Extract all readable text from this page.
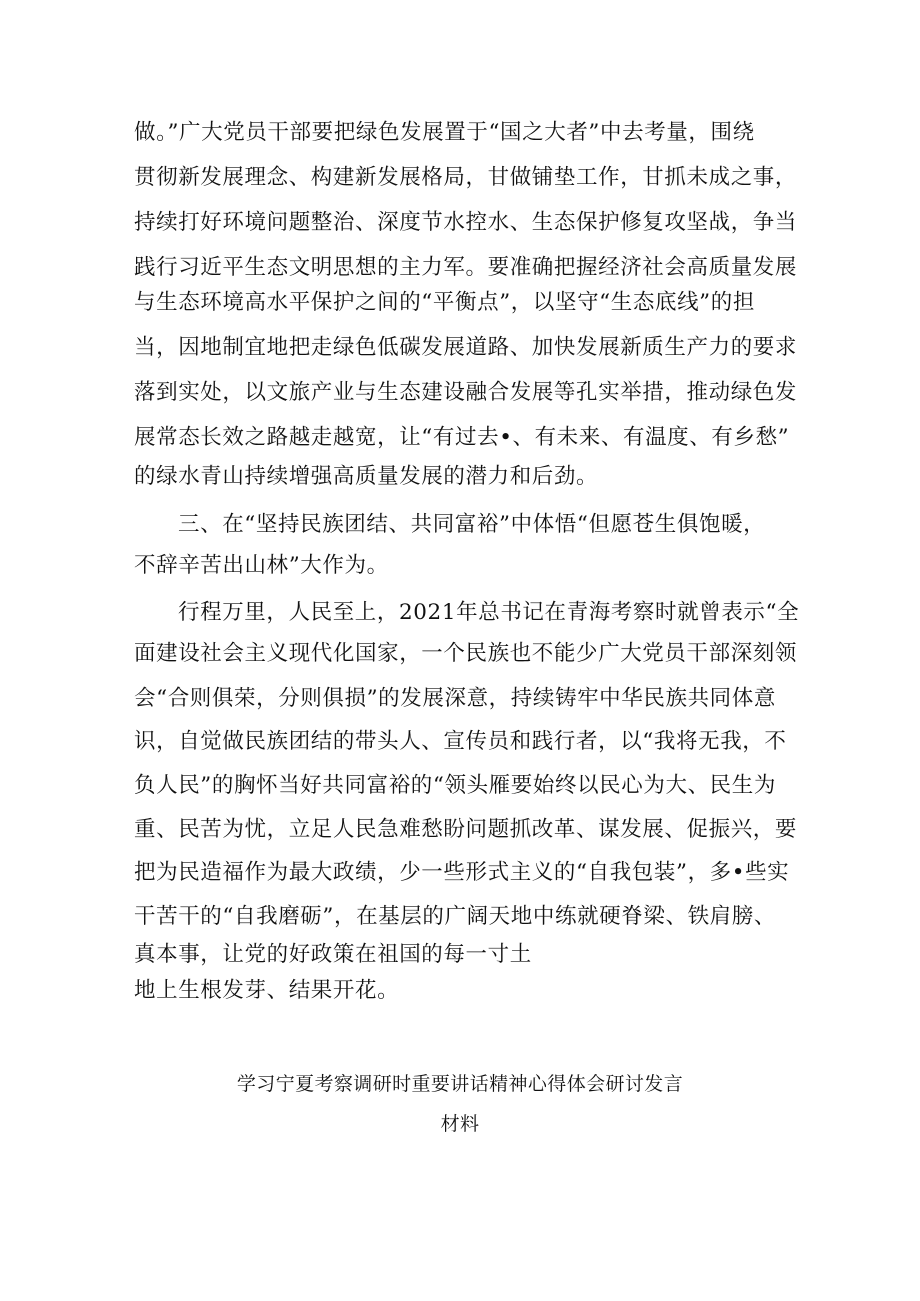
做。”广大党员干部要把绿色发展置于“国之大者”中去考量，围绕
贯彻新发展理念、构建新发展格局，甘做铺垫工作，甘抓未成之事，
持续打好环境问题整治、深度节水控水、生态保护修复攻坚战，争当
践行习近平生态文明思想的主力军。要准确把握经济社会高质量发展
与生态环境高水平保护之间的“平衡点”，以坚守“生态底线”的担
当，因地制宜地把走绿色低碳发展道路、加快发展新质生产力的要求
落到实处，以文旅产业与生态建设融合发展等孔实举措，推动绿色发
展常态长效之路越走越宽，让“有过去•、有未来、有温度、有乡愁”
的绿水青山持续增强高质量发展的潜力和后劲。
三、在“坚持民族团结、共同富裕”中体悟“但愿苍生俱饱暖，
不辞辛苦出山林”大作为。
行程万里，人民至上，2021年总书记在青海考察时就曾表示“全
面建设社会主义现代化国家，一个民族也不能少广大党员干部深刻领
会“合则俱荣，分则俱损”的发展深意，持续铸牢中华民族共同体意
识，自觉做民族团结的带头人、宣传员和践行者，以“我将无我，不
负人民”的胸怀当好共同富裕的“领头雁要始终以民心为大、民生为
重、民苦为忧，立足人民急难愁盼问题抓改革、谋发展、促振兴，要
把为民造福作为最大政绩，少一些形式主义的“自我包装”，多•些实
干苦干的“自我磨砺”，在基层的广阔天地中练就硬脊梁、铁肩膀、
真本事，让党的好政策在祖国的每一寸土
地上生根发芽、结果开花。
学习宁夏考察调研时重要讲话精神心得体会研讨发言
材料
